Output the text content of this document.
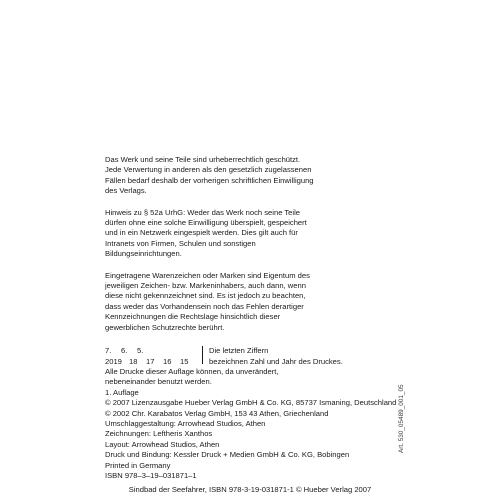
Das Werk und seine Teile sind urheberrechtlich geschützt.
Jede Verwertung in anderen als den gesetzlich zugelassenen
Fällen bedarf deshalb der vorherigen schriftlichen Einwilligung
des Verlags.
Hinweis zu § 52a UrhG: Weder das Werk noch seine Teile
dürfen ohne eine solche Einwilligung überspielt, gespeichert
und in ein Netzwerk eingespielt werden. Dies gilt auch für
Intranets von Firmen, Schulen und sonstigen
Bildungseinrichtungen.
Eingetragene Warenzeichen oder Marken sind Eigentum des
jeweiligen Zeichen- bzw. Markeninhabers, auch dann, wenn
diese nicht gekennzeichnet sind. Es ist jedoch zu beachten,
dass weder das Vorhandensein noch das Fehlen derartiger
Kennzeichnungen die Rechtslage hinsichtlich dieser
gewerblichen Schutzrechte berührt.
7.	6.	5.
2019 18	17	16	15
Die letzten Ziffern
bezeichnen Zahl und Jahr des Druckes.
Alle Drucke dieser Auflage können, da unverändert,
nebeneinander benutzt werden.
1. Auflage
© 2007 Lizenzausgabe Hueber Verlag GmbH & Co. KG, 85737 Ismaning, Deutschland
© 2002 Chr. Karabatos Verlag GmbH, 153 43 Athen, Griechenland
Umschlaggestaltung: Arrowhead Studios, Athen
Zeichnungen: Leftheris Xanthos
Layout: Arrowhead Studios, Athen
Druck und Bindung: Kessler Druck + Medien GmbH & Co. KG, Bobingen
Printed in Germany
ISBN 978–3–19–031871–1
Art. 530_05489_001_05
Sindbad der Seefahrer, ISBN 978-3-19-031871-1 © Hueber Verlag 2007
